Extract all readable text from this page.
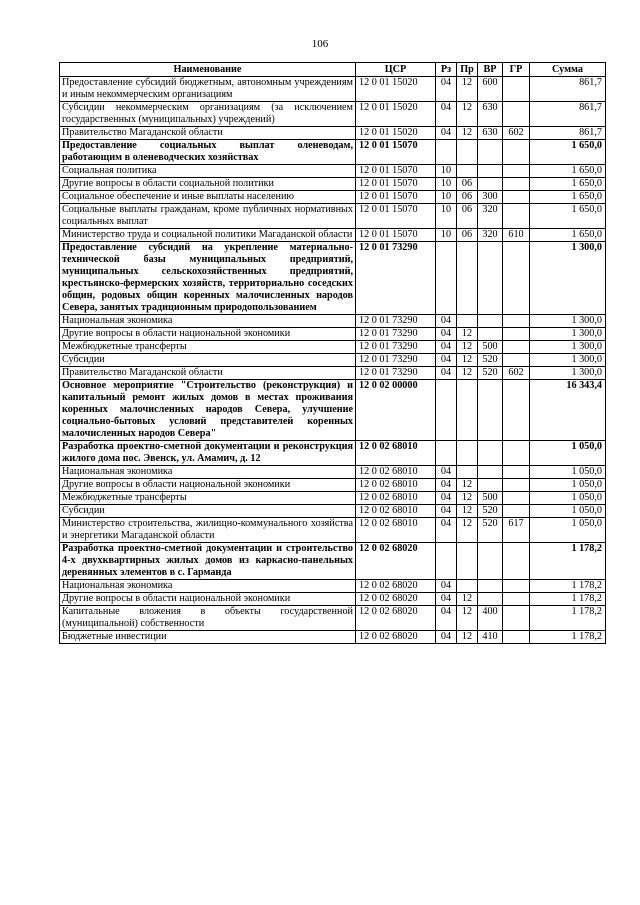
106
Наименование	ЦСР	Рз	Пр	ВР	ГР	Сумма
Предоставление субсидий бюджетным, автономным учреждениям и иным некоммерческим организациям	12 0 01 15020	04	12	600		861,7
Субсидии некоммерческим организациям (за исключением государственных (муниципальных) учреждений)	12 0 01 15020	04	12	630		861,7
Правительство Магаданской области	12 0 01 15020	04	12	630	602	861,7
Предоставление социальных выплат оленеводам, работающим в оленеводческих хозяйствах	12 0 01 15070					1 650,0
Социальная политика	12 0 01 15070	10				1 650,0
Другие вопросы в области социальной политики	12 0 01 15070	10	06			1 650,0
Социальное обеспечение и иные выплаты населению	12 0 01 15070	10	06	300		1 650,0
Социальные выплаты гражданам, кроме публичных нормативных социальных выплат	12 0 01 15070	10	06	320		1 650,0
Министерство труда и социальной политики Магаданской области	12 0 01 15070	10	06	320	610	1 650,0
Предоставление субсидий на укрепление материально-технической базы муниципальных предприятий, муниципальных сельскохозяйственных предприятий, крестьянско-фермерских хозяйств, территориально соседских общин, родовых общин коренных малочисленных народов Севера, занятых традиционным природопользованием	12 0 01 73290					1 300,0
Национальная экономика	12 0 01 73290	04				1 300,0
Другие вопросы в области национальной экономики	12 0 01 73290	04	12			1 300,0
Межбюджетные трансферты	12 0 01 73290	04	12	500		1 300,0
Субсидии	12 0 01 73290	04	12	520		1 300,0
Правительство Магаданской области	12 0 01 73290	04	12	520	602	1 300,0
Основное мероприятие "Строительство (реконструкция) и капитальный ремонт жилых домов в местах проживания коренных малочисленных народов Севера, улучшение социально-бытовых условий представителей коренных малочисленных народов Севера"	12 0 02 00000					16 343,4
Разработка проектно-сметной документации и реконструкция жилого дома пос. Эвенск, ул. Амамич, д. 12	12 0 02 68010					1 050,0
Национальная экономика	12 0 02 68010	04				1 050,0
Другие вопросы в области национальной экономики	12 0 02 68010	04	12			1 050,0
Межбюджетные трансферты	12 0 02 68010	04	12	500		1 050,0
Субсидии	12 0 02 68010	04	12	520		1 050,0
Министерство строительства, жилищно-коммунального хозяйства и энергетики Магаданской области	12 0 02 68010	04	12	520	617	1 050,0
Разработка проектно-сметной документации и строительство 4-х двухквартирных жилых домов из каркасно-панельных деревянных элементов в с. Гарманда	12 0 02 68020					1 178,2
Национальная экономика	12 0 02 68020	04				1 178,2
Другие вопросы в области национальной экономики	12 0 02 68020	04	12			1 178,2
Капитальные вложения в объекты государственной (муниципальной) собственности	12 0 02 68020	04	12	400		1 178,2
Бюджетные инвестиции	12 0 02 68020	04	12	410		1 178,2
